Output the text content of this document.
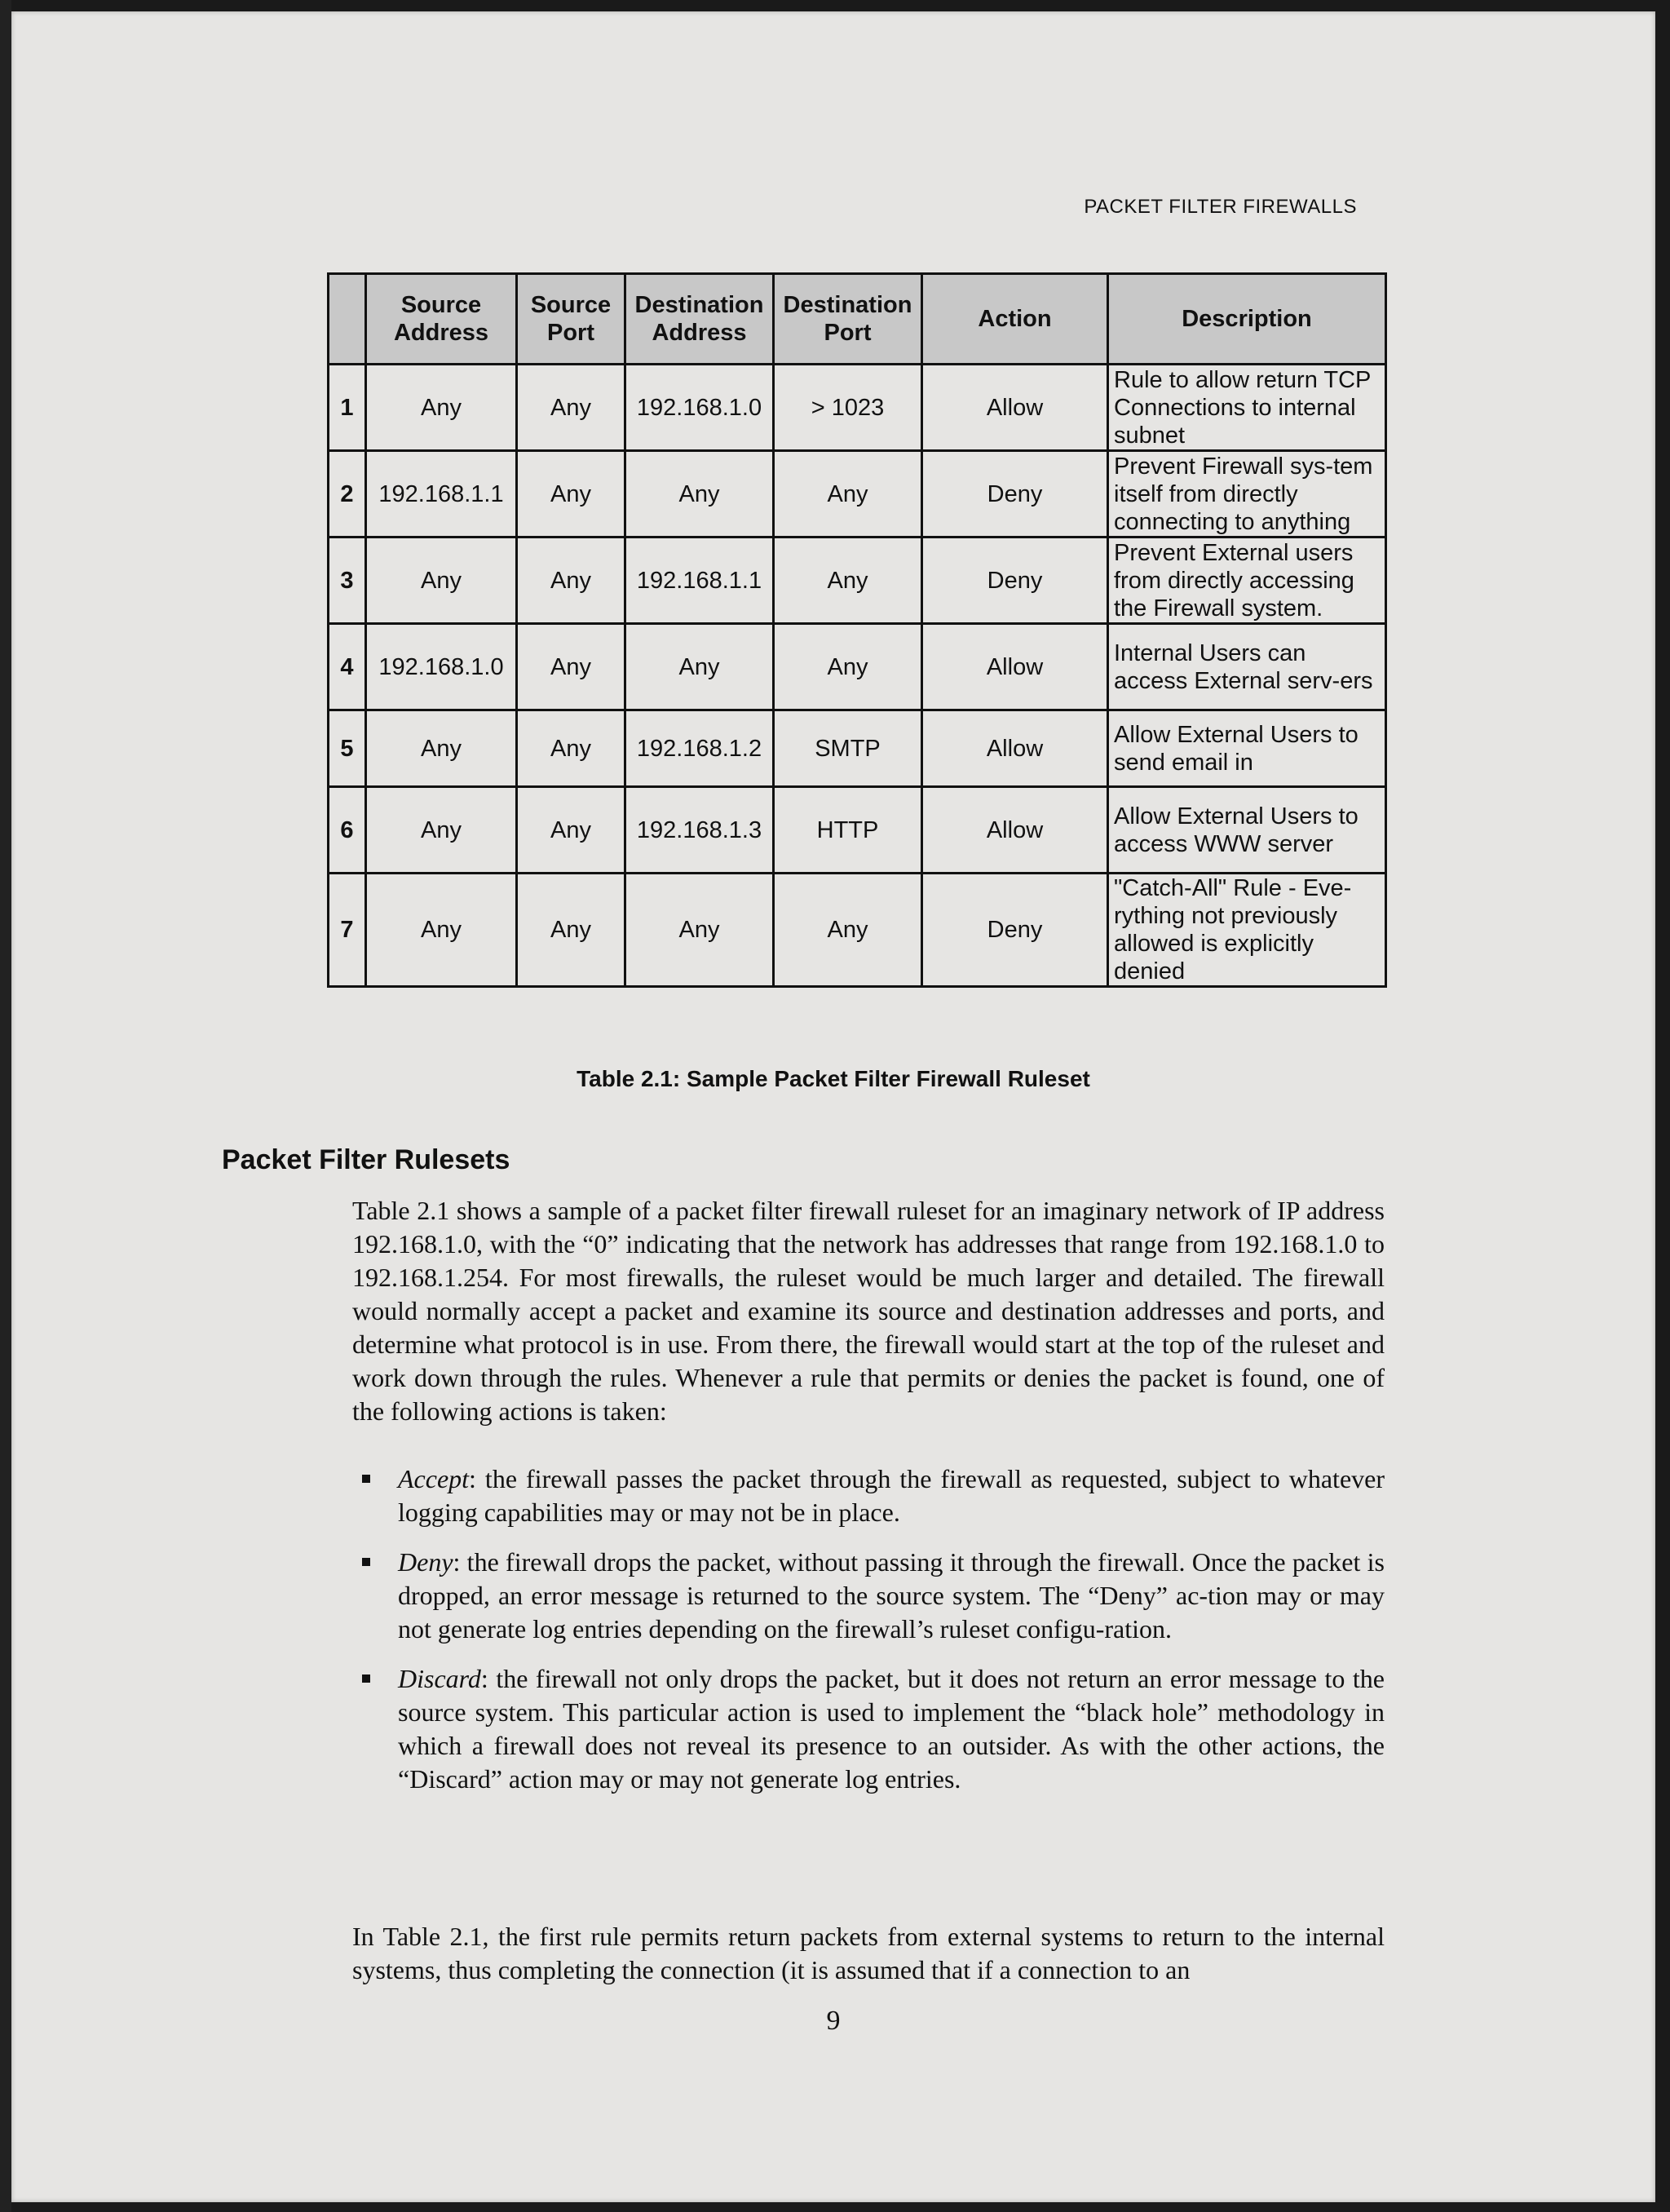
PACKET FILTER FIREWALLS
	Source Address	Source Port	Destination Address	Destination Port	Action	Description
1	Any	Any	192.168.1.0	> 1023	Allow	Rule to allow return TCP Connections to internal subnet
2	192.168.1.1	Any	Any	Any	Deny	Prevent Firewall sys-tem itself from directly connecting to anything
3	Any	Any	192.168.1.1	Any	Deny	Prevent External users from directly accessing the Firewall system.
4	192.168.1.0	Any	Any	Any	Allow	Internal Users can access External serv-ers
5	Any	Any	192.168.1.2	SMTP	Allow	Allow External Users to send email in
6	Any	Any	192.168.1.3	HTTP	Allow	Allow External Users to access WWW server
7	Any	Any	Any	Any	Deny	"Catch-All" Rule - Eve-rything not previously allowed is explicitly denied
Table 2.1: Sample Packet Filter Firewall Ruleset
Packet Filter Rulesets

Table 2.1 shows a sample of a packet filter firewall ruleset for an imaginary network of IP address 192.168.1.0, with the “0” indicating that the network has addresses that range from 192.168.1.0 to 192.168.1.254. For most firewalls, the ruleset would be much larger and detailed. The firewall would normally accept a packet and examine its source and destination addresses and ports, and determine what protocol is in use. From there, the firewall would start at the top of the ruleset and work down through the rules. Whenever a rule that permits or denies the packet is found, one of the following actions is taken:

Accept: the firewall passes the packet through the firewall as requested, subject to whatever logging capabilities may or may not be in place.
Deny: the firewall drops the packet, without passing it through the firewall. Once the packet is dropped, an error message is returned to the source system. The “Deny” ac-tion may or may not generate log entries depending on the firewall’s ruleset configu-ration.
Discard: the firewall not only drops the packet, but it does not return an error message to the source system. This particular action is used to implement the “black hole” methodology in which a firewall does not reveal its presence to an outsider. As with the other actions, the “Discard” action may or may not generate log entries.

In Table 2.1, the first rule permits return packets from external systems to return to the internal systems, thus completing the connection (it is assumed that if a connection to an

9
